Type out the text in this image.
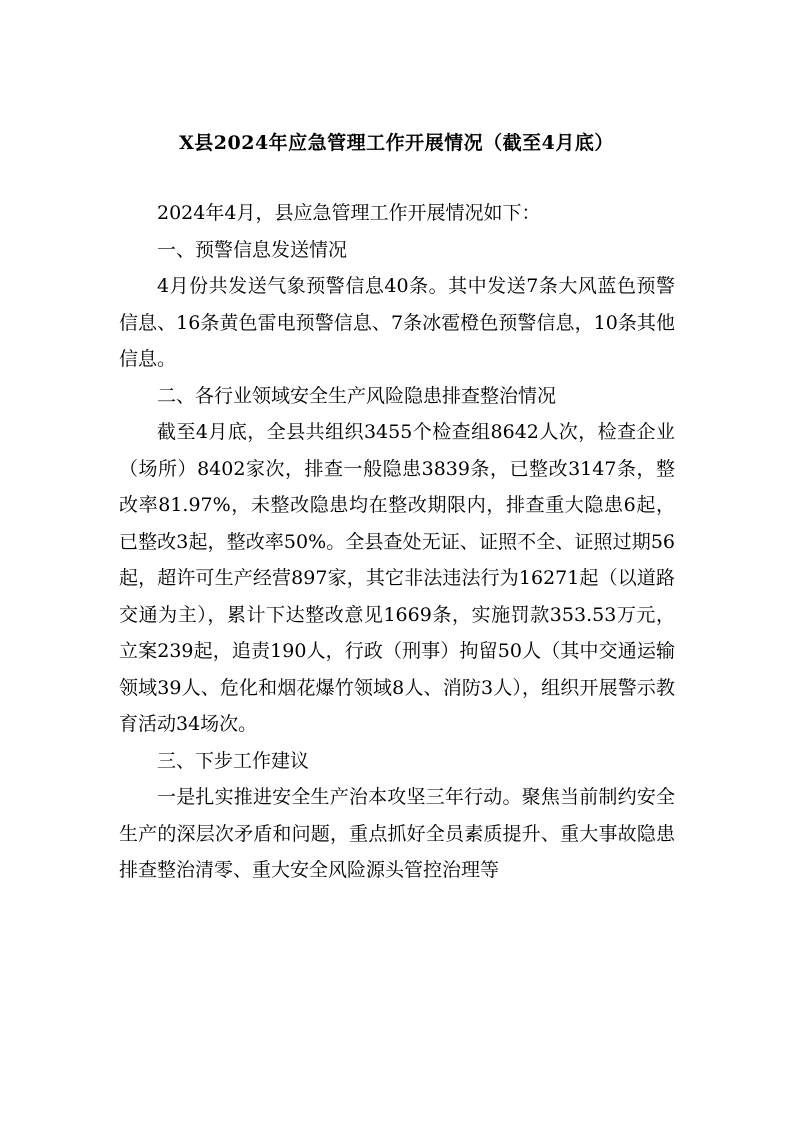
X县2024年应急管理工作开展情况（截至4月底）

2024年4月，县应急管理工作开展情况如下：

一、预警信息发送情况

4月份共发送气象预警信息40条。其中发送7条大风蓝色预警信息、16条黄色雷电预警信息、7条冰雹橙色预警信息，10条其他信息。

二、各行业领域安全生产风险隐患排查整治情况

截至4月底，全县共组织3455个检查组8642人次，检查企业（场所）8402家次，排查一般隐患3839条，已整改3147条，整改率81.97%，未整改隐患均在整改期限内，排查重大隐患6起，已整改3起，整改率50%。全县查处无证、证照不全、证照过期56起，超许可生产经营897家，其它非法违法行为16271起（以道路交通为主），累计下达整改意见1669条，实施罚款353.53万元，立案239起，追责190人，行政（刑事）拘留50人（其中交通运输领域39人、危化和烟花爆竹领域8人、消防3人），组织开展警示教育活动34场次。

三、下步工作建议

一是扎实推进安全生产治本攻坚三年行动。聚焦当前制约安全生产的深层次矛盾和问题，重点抓好全员素质提升、重大事故隐患排查整治清零、重大安全风险源头管控治理等
